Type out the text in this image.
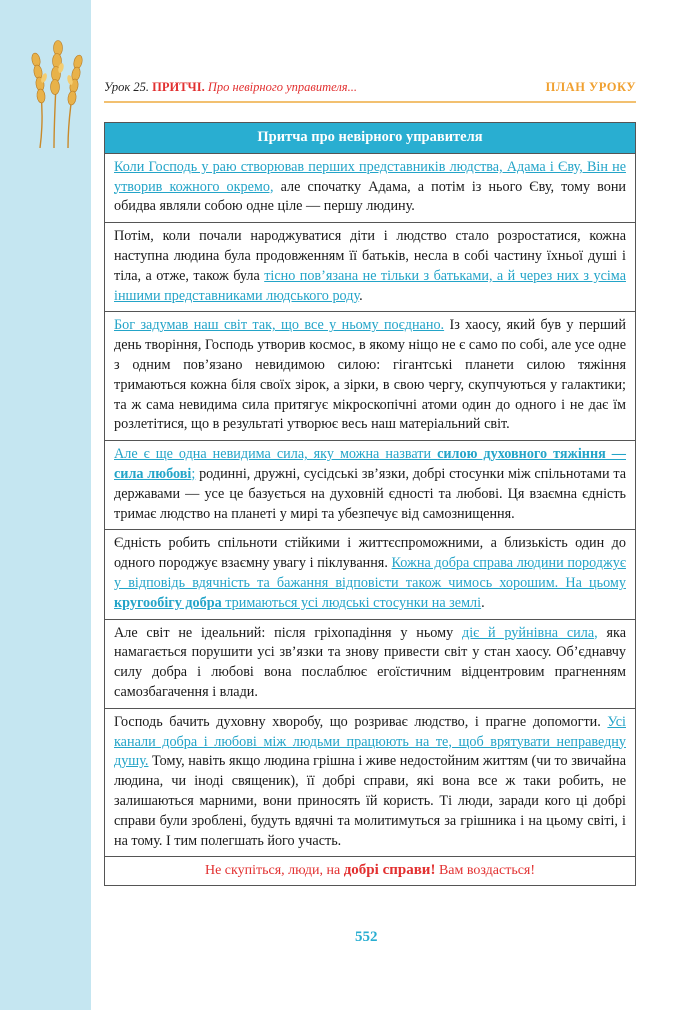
Урок 25. ПРИТЧІ. Про невірного управителя...	ПЛАН УРОКУ
Притча про невірного управителя
Коли Господь у раю створював перших представників людства, Адама і Єву, Він не утворив кожного окремо, але спочатку Адама, а потім із нього Єву, тому вони обидва являли собою одне ціле — першу людину.
Потім, коли почали народжуватися діти і людство стало розростатися, кожна наступна людина була продовженням її батьків, несла в собі частину їхньої душі і тіла, а отже, також була тісно пов’язана не тільки з батьками, а й через них з усіма іншими представниками людського роду.
Бог задумав наш світ так, що все у ньому поєднано. Із хаосу, який був у перший день творіння, Господь утворив космос, в якому ніщо не є само по собі, але усе одне з одним пов’язано невидимою силою: гігантські планети силою тяжіння тримаються кожна біля своїх зірок, а зірки, в свою чергу, скупчуються у галактики; та ж сама невидима сила притягує мікроскопічні атоми один до одного і не дає їм розлетітися, що в результаті утворює весь наш матеріальний світ.
Але є ще одна невидима сила, яку можна назвати силою духовного тяжіння — сила любові; родинні, дружні, сусідські зв’язки, добрі стосунки між спільнотами та державами — усе це базується на духовній єдності та любові. Ця взаємна єдність тримає людство на планеті у мирі та убезпечує від самознищення.
Єдність робить спільноти стійкими і життєспроможними, а близькість один до одного породжує взаємну увагу і піклування. Кожна добра справа людини породжує у відповідь вдячність та бажання відповісти також чимось хорошим. На цьому кругообігу добра тримаються усі людські стосунки на землі.
Але світ не ідеальний: після гріхопадіння у ньому діє й руйнівна сила, яка намагається порушити усі зв’язки та знову привести світ у стан хаосу. Об’єднавчу силу добра і любові вона послаблює егоїстичним відцентровим прагненням самозбагачення і влади.
Господь бачить духовну хворобу, що розриває людство, і прагне допомогти. Усі канали добра і любові між людьми працюють на те, щоб врятувати неправедну душу. Тому, навіть якщо людина грішна і живе недостойним життям (чи то звичайна людина, чи іноді священик), її добрі справи, які вона все ж таки робить, не залишаються марними, вони приносять їй користь. Ті люди, заради кого ці добрі справи були зроблені, будуть вдячні та молитимуться за грішника і на цьому світі, і на тому. І тим полегшать його участь.
Не скупіться, люди, на добрі справи! Вам воздасться!
552
